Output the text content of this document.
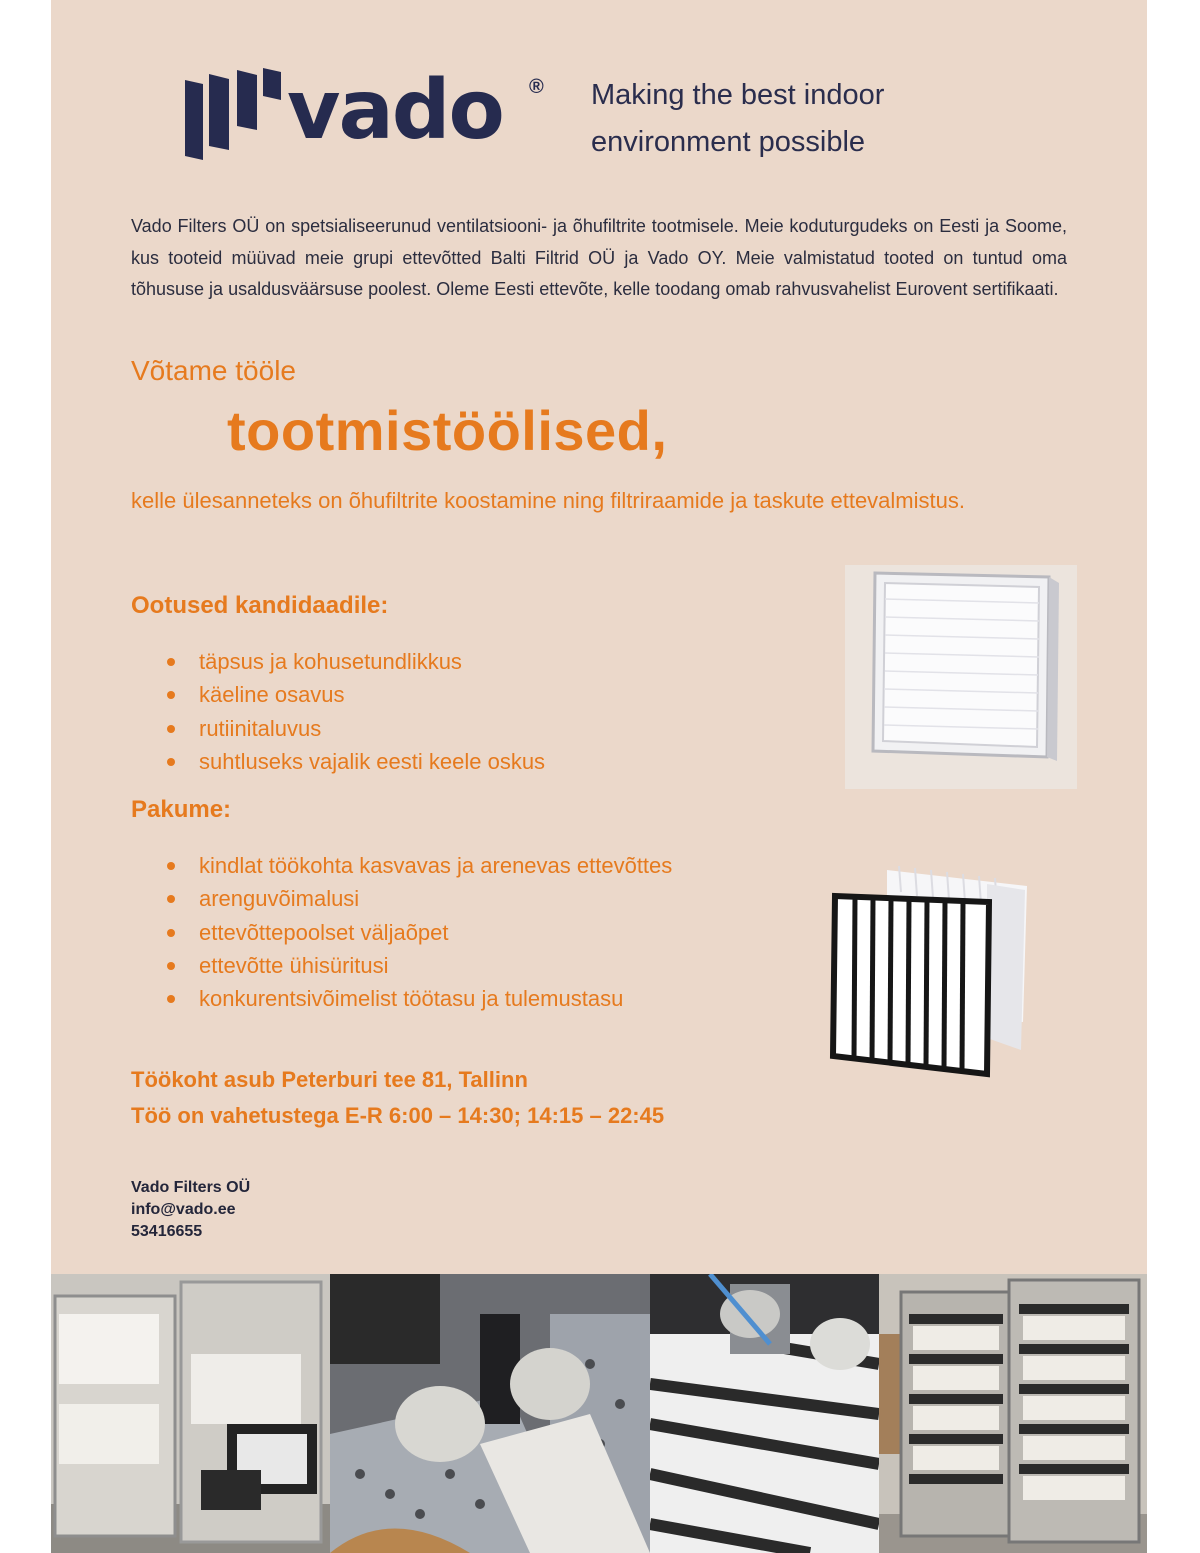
vado ® Making the best indoor
environment possible
Vado Filters OÜ on spetsialiseerunud ventilatsiooni- ja õhufiltrite tootmisele. Meie koduturgudeks on Eesti ja Soome, kus tooteid müüvad meie grupi ettevõtted Balti Filtrid OÜ ja Vado OY. Meie valmistatud tooted on tuntud oma tõhususe ja usaldusväärsuse poolest. Oleme Eesti ettevõte, kelle toodang omab rahvusvahelist Eurovent sertifikaati.
Võtame tööle
tootmistöölised,
kelle ülesanneteks on õhufiltrite koostamine ning filtriraamide ja taskute ettevalmistus.
Ootused kandidaadile:
täpsus ja kohusetundlikkus
käeline osavus
rutiinitaluvus
suhtluseks vajalik eesti keele oskus
Pakume:
kindlat töökohta kasvavas ja arenevas ettevõttes
arenguvõimalusi
ettevõttepoolset väljaõpet
ettevõtte ühisüritusi
konkurentsivõimelist töötasu ja tulemustasu
Töökoht asub Peterburi tee 81, Tallinn
Töö on vahetustega E-R 6:00 – 14:30; 14:15 – 22:45
Vado Filters OÜ
info@vado.ee
53416655
